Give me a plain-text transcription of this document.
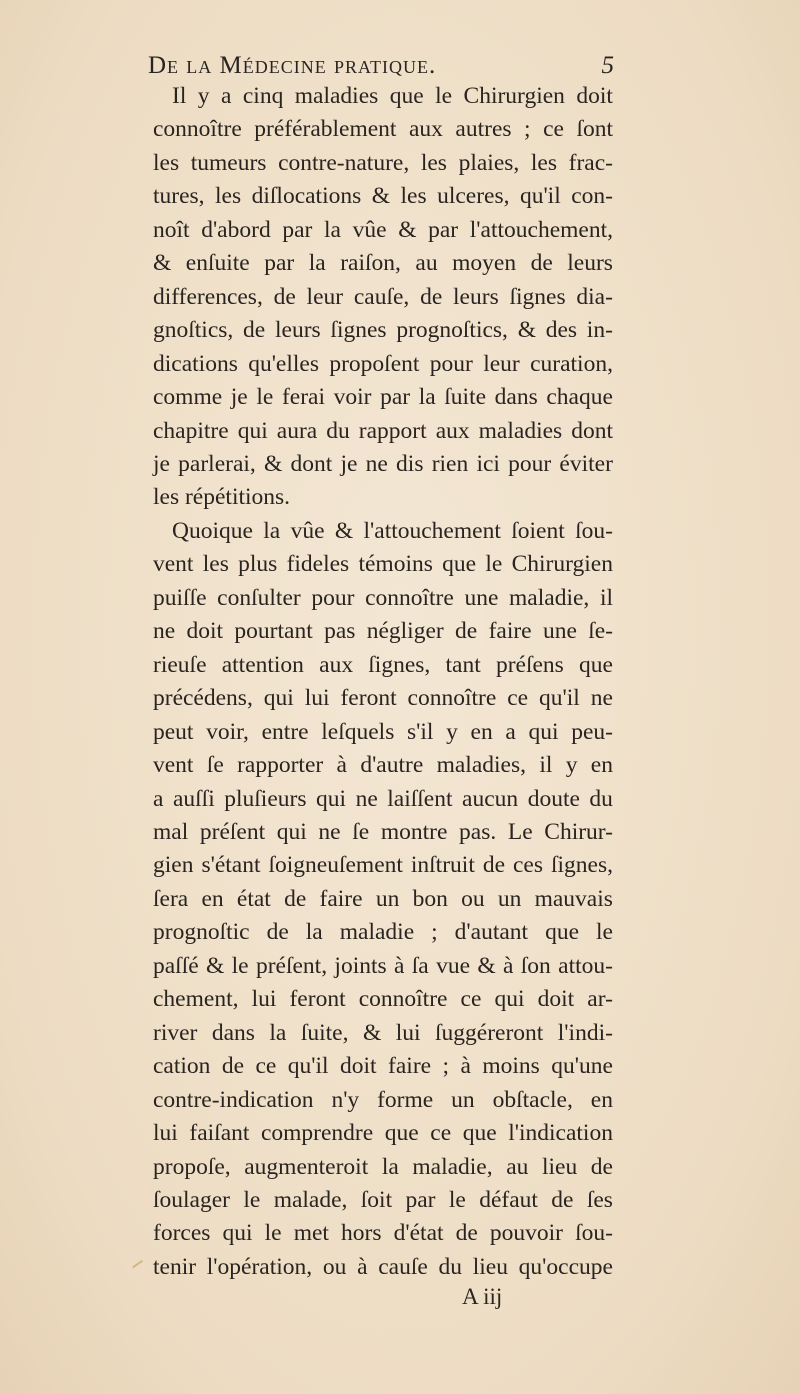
De la Médecine pratique.	5
Il y a cinq maladies que le Chirurgien doit
connoître préférablement aux autres ; ce ſont
les tumeurs contre-nature, les plaies, les frac-
tures, les diſlocations & les ulceres, qu'il con-
noît d'abord par la vûe & par l'attouchement,
& enſuite par la raiſon, au moyen de leurs
differences, de leur cauſe, de leurs ſignes dia-
gnoſtics, de leurs ſignes prognoſtics, & des in-
dications qu'elles propoſent pour leur curation,
comme je le ferai voir par la ſuite dans chaque
chapitre qui aura du rapport aux maladies dont
je parlerai, & dont je ne dis rien ici pour éviter
les répétitions.
Quoique la vûe & l'attouchement ſoient ſou-
vent les plus fideles témoins que le Chirurgien
puiſſe conſulter pour connoître une maladie, il
ne doit pourtant pas négliger de faire une ſe-
rieuſe attention aux ſignes, tant préſens que
précédens, qui lui feront connoître ce qu'il ne
peut voir, entre leſquels s'il y en a qui peu-
vent ſe rapporter à d'autre maladies, il y en
a auſſi pluſieurs qui ne laiſſent aucun doute du
mal préſent qui ne ſe montre pas. Le Chirur-
gien s'étant ſoigneuſement inſtruit de ces ſignes,
ſera en état de faire un bon ou un mauvais
prognoſtic de la maladie ; d'autant que le
paſſé & le préſent, joints à ſa vue & à ſon attou-
chement, lui feront connoître ce qui doit ar-
river dans la ſuite, & lui ſuggéreront l'indi-
cation de ce qu'il doit faire ; à moins qu'une
contre-indication n'y forme un obſtacle, en
lui faiſant comprendre que ce que l'indication
propoſe, augmenteroit la maladie, au lieu de
ſoulager le malade, ſoit par le défaut de ſes
forces qui le met hors d'état de pouvoir ſou-
tenir l'opération, ou à cauſe du lieu qu'occupe
A iij
